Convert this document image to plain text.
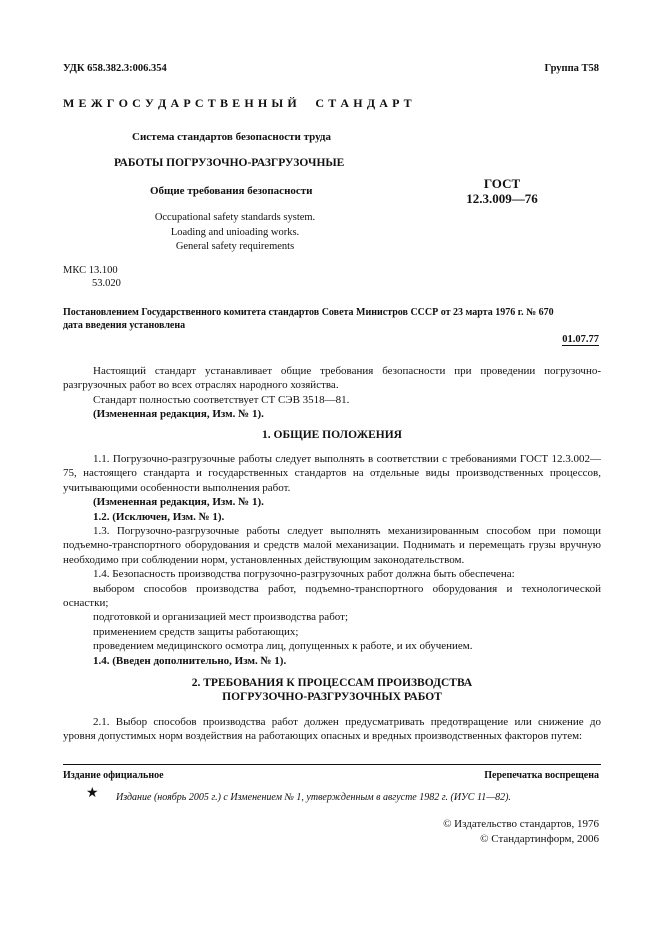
УДК 658.382.3:006.354	Группа Т58
М Е Ж Г О С У Д А Р С Т В Е Н Н Ы Й     С Т А Н Д А Р Т
Система стандартов безопасности труда
РАБОТЫ ПОГРУЗОЧНО-РАЗГРУЗОЧНЫЕ
Общие требования безопасности
Occupational safety standards system.
Loading and unioading works.
General safety requirements
ГОСТ
12.3.009—76
МКС 13.100
53.020
Постановлением Государственного комитета стандартов Совета Министров СССР от 23 марта 1976 г. № 670
дата введения установлена
01.07.77
Настоящий стандарт устанавливает общие требования безопасности при проведении погрузочно-разгрузочных работ во всех отраслях народного хозяйства.
Стандарт полностью соответствует СТ СЭВ 3518—81.
(Измененная редакция, Изм. № 1).
1. ОБЩИЕ ПОЛОЖЕНИЯ
1.1. Погрузочно-разгрузочные работы следует выполнять в соответствии с требованиями ГОСТ 12.3.002—75, настоящего стандарта и государственных стандартов на отдельные виды производственных процессов, учитывающими особенности выполнения работ.
(Измененная редакция, Изм. № 1).
1.2. (Исключен, Изм. № 1).
1.3. Погрузочно-разгрузочные работы следует выполнять механизированным способом при помощи подъемно-транспортного оборудования и средств малой механизации. Поднимать и перемещать грузы вручную необходимо при соблюдении норм, установленных действующим законодательством.
1.4. Безопасность производства погрузочно-разгрузочных работ должна быть обеспечена:
выбором способов производства работ, подъемно-транспортного оборудования и технологической оснастки;
подготовкой и организацией мест производства работ;
применением средств защиты работающих;
проведением медицинского осмотра лиц, допущенных к работе, и их обучением.
1.4. (Введен дополнительно, Изм. № 1).
2. ТРЕБОВАНИЯ К ПРОЦЕССАМ ПРОИЗВОДСТВА
ПОГРУЗОЧНО-РАЗГРУЗОЧНЫХ РАБОТ
2.1. Выбор способов производства работ должен предусматривать предотвращение или снижение до уровня допустимых норм воздействия на работающих опасных и вредных производственных факторов путем:
Издание официальное	Перепечатка воспрещена
★ Издание (ноябрь 2005 г.) с Изменением № 1, утвержденным в августе 1982 г. (ИУС 11—82).
© Издательство стандартов, 1976
© Стандартинформ, 2006
